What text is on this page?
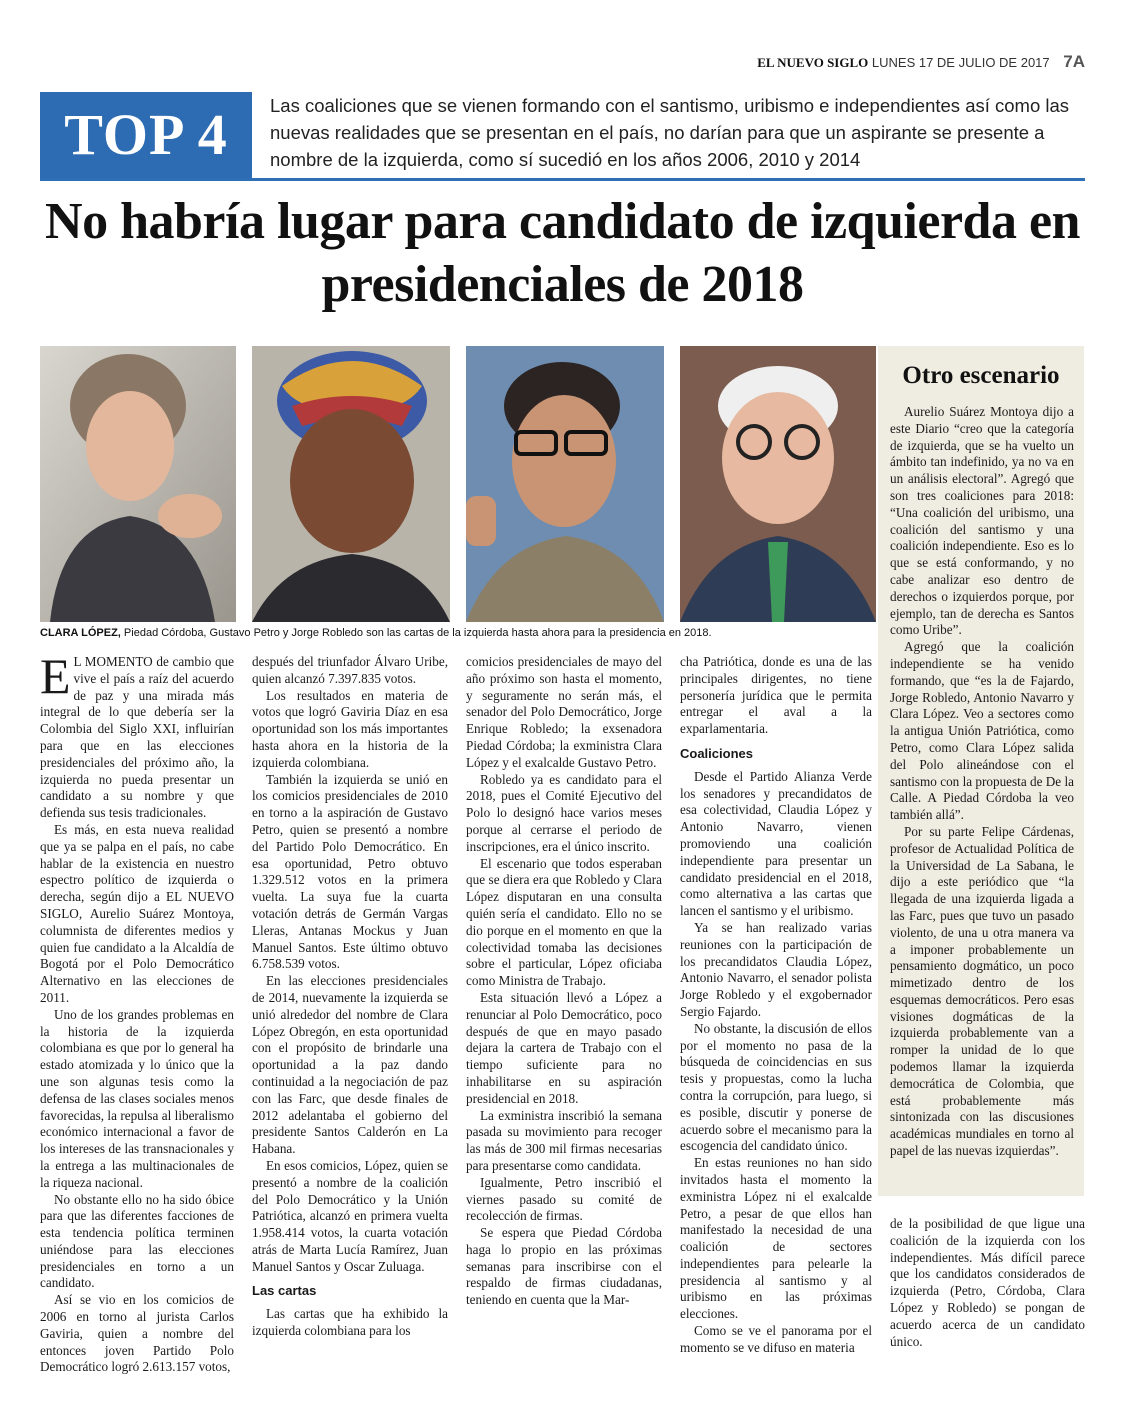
EL NUEVO SIGLO LUNES 17 DE JULIO DE 2017 7A
TOP 4	Las coaliciones que se vienen formando con el santismo, uribismo e independientes así como las nuevas realidades que se presentan en el país, no darían para que un aspirante se presente a nombre de la izquierda, como sí sucedió en los años 2006, 2010 y 2014
No habría lugar para candidato de izquierda en presidenciales de 2018
CLARA LÓPEZ, Piedad Córdoba, Gustavo Petro y Jorge Robledo son las cartas de la izquierda hasta ahora para la presidencia en 2018.
Otro escenario

Aurelio Suárez Montoya dijo a este Diario “creo que la categoría de izquierda, que se ha vuelto un ámbito tan indefinido, ya no va en un análisis electoral”. Agregó que son tres coaliciones para 2018: “Una coalición del uribismo, una coalición del santismo y una coalición independiente. Eso es lo que se está conformando, y no cabe analizar eso dentro de derechos o izquierdos porque, por ejemplo, tan de derecha es Santos como Uribe”.

Agregó que la coalición independiente se ha venido formando, que “es la de Fajardo, Jorge Robledo, Antonio Navarro y Clara López. Veo a sectores como la antigua Unión Patriótica, como Petro, como Clara López salida del Polo alineándose con el santismo con la propuesta de De la Calle. A Piedad Córdoba la veo también allá”.

Por su parte Felipe Cárdenas, profesor de Actualidad Política de la Universidad de La Sabana, le dijo a este periódico que “la llegada de una izquierda ligada a las Farc, pues que tuvo un pasado violento, de una u otra manera va a imponer probablemente un pensamiento dogmático, un poco mimetizado dentro de los esquemas democráticos. Pero esas visiones dogmáticas de la izquierda probablemente van a romper la unidad de lo que podemos llamar la izquierda democrática de Colombia, que está probablemente más sintonizada con las discusiones académicas mundiales en torno al papel de las nuevas izquierdas”.

de la posibilidad de que ligue una coalición de la izquierda con los independientes. Más difícil parece que los candidatos considerados de izquierda (Petro, Córdoba, Clara López y Robledo) se pongan de acuerdo acerca de un candidato único.

E L MOMENTO de cambio que vive el país a raíz del acuerdo de paz y una mirada más integral de lo que debería ser la Colombia del Siglo XXI, influirían para que en las elecciones presidenciales del próximo año, la izquierda no pueda presentar un candidato a su nombre y que defienda sus tesis tradicionales.

Es más, en esta nueva realidad que ya se palpa en el país, no cabe hablar de la existencia en nuestro espectro político de izquierda o derecha, según dijo a EL NUEVO SIGLO, Aurelio Suárez Montoya, columnista de diferentes medios y quien fue candidato a la Alcaldía de Bogotá por el Polo Democrático Alternativo en las elecciones de 2011.

Uno de los grandes problemas en la historia de la izquierda colombiana es que por lo general ha estado atomizada y lo único que la une son algunas tesis como la defensa de las clases sociales menos favorecidas, la repulsa al liberalismo económico internacional a favor de los intereses de las transnacionales y la entrega a las multinacionales de la riqueza nacional.

No obstante ello no ha sido óbice para que las diferentes facciones de esta tendencia política terminen uniéndose para las elecciones presidenciales en torno a un candidato.

Así se vio en los comicios de 2006 en torno al jurista Carlos Gaviria, quien a nombre del entonces joven Partido Polo Democrático logró 2.613.157 votos,

después del triunfador Álvaro Uribe, quien alcanzó 7.397.835 votos.

Los resultados en materia de votos que logró Gaviria Díaz en esa oportunidad son los más importantes hasta ahora en la historia de la izquierda colombiana.

También la izquierda se unió en los comicios presidenciales de 2010 en torno a la aspiración de Gustavo Petro, quien se presentó a nombre del Partido Polo Democrático. En esa oportunidad, Petro obtuvo 1.329.512 votos en la primera vuelta. La suya fue la cuarta votación detrás de Germán Vargas Lleras, Antanas Mockus y Juan Manuel Santos. Este último obtuvo 6.758.539 votos.

En las elecciones presidenciales de 2014, nuevamente la izquierda se unió alrededor del nombre de Clara López Obregón, en esta oportunidad con el propósito de brindarle una oportunidad a la paz dando continuidad a la negociación de paz con las Farc, que desde finales de 2012 adelantaba el gobierno del presidente Santos Calderón en La Habana.

En esos comicios, López, quien se presentó a nombre de la coalición del Polo Democrático y la Unión Patriótica, alcanzó en primera vuelta 1.958.414 votos, la cuarta votación atrás de Marta Lucía Ramírez, Juan Manuel Santos y Oscar Zuluaga.

Las cartas

Las cartas que ha exhibido la izquierda colombiana para los

comicios presidenciales de mayo del año próximo son hasta el momento, y seguramente no serán más, el senador del Polo Democrático, Jorge Enrique Robledo; la exsenadora Piedad Córdoba; la exministra Clara López y el exalcalde Gustavo Petro.

Robledo ya es candidato para el 2018, pues el Comité Ejecutivo del Polo lo designó hace varios meses porque al cerrarse el periodo de inscripciones, era el único inscrito.

El escenario que todos esperaban que se diera era que Robledo y Clara López disputaran en una consulta quién sería el candidato. Ello no se dio porque en el momento en que la colectividad tomaba las decisiones sobre el particular, López oficiaba como Ministra de Trabajo.

Esta situación llevó a López a renunciar al Polo Democrático, poco después de que en mayo pasado dejara la cartera de Trabajo con el tiempo suficiente para no inhabilitarse en su aspiración presidencial en 2018.

La exministra inscribió la semana pasada su movimiento para recoger las más de 300 mil firmas necesarias para presentarse como candidata.

Igualmente, Petro inscribió el viernes pasado su comité de recolección de firmas.

Se espera que Piedad Córdoba haga lo propio en las próximas semanas para inscribirse con el respaldo de firmas ciudadanas, teniendo en cuenta que la Mar-

cha Patriótica, donde es una de las principales dirigentes, no tiene personería jurídica que le permita entregar el aval a la exparlamentaria.

Coaliciones

Desde el Partido Alianza Verde los senadores y precandidatos de esa colectividad, Claudia López y Antonio Navarro, vienen promoviendo una coalición independiente para presentar un candidato presidencial en el 2018, como alternativa a las cartas que lancen el santismo y el uribismo.

Ya se han realizado varias reuniones con la participación de los precandidatos Claudia López, Antonio Navarro, el senador polista Jorge Robledo y el exgobernador Sergio Fajardo.

No obstante, la discusión de ellos por el momento no pasa de la búsqueda de coincidencias en sus tesis y propuestas, como la lucha contra la corrupción, para luego, si es posible, discutir y ponerse de acuerdo sobre el mecanismo para la escogencia del candidato único.

En estas reuniones no han sido invitados hasta el momento la exministra López ni el exalcalde Petro, a pesar de que ellos han manifestado la necesidad de una coalición de sectores independientes para pelearle la presidencia al santismo y al uribismo en las próximas elecciones.

Como se ve el panorama por el momento se ve difuso en materia
